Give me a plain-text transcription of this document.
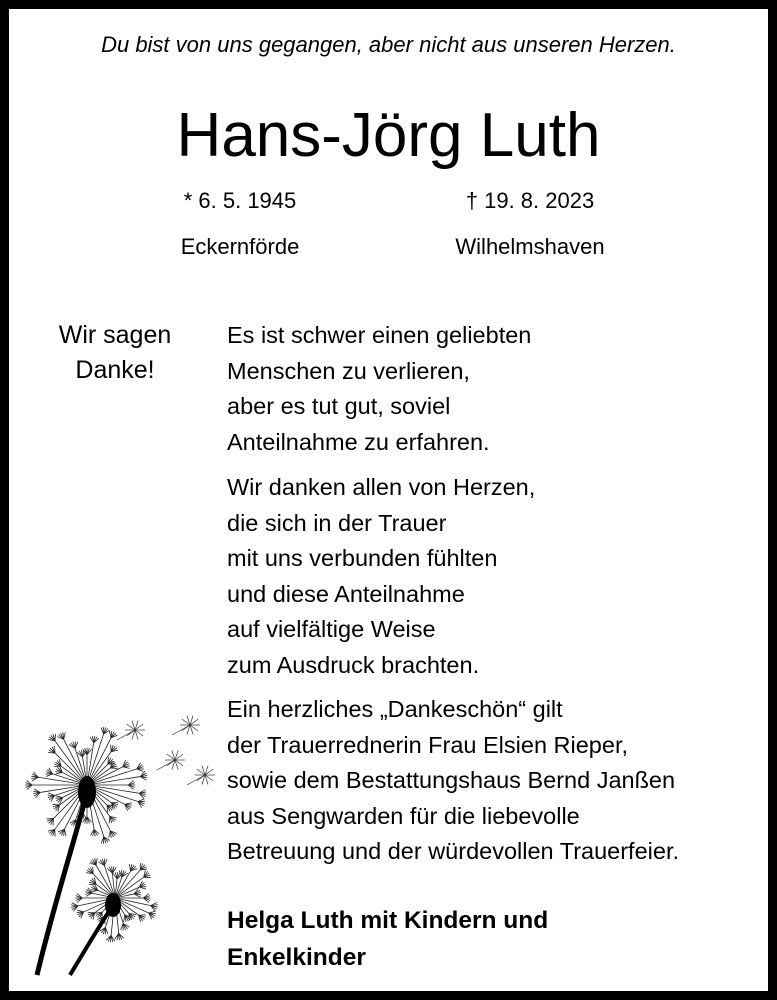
Du bist von uns gegangen, aber nicht aus unseren Herzen.
Hans-Jörg Luth
* 6. 5. 1945	† 19. 8. 2023
Eckernförde	Wilhelmshaven
Wir sagen
Danke!
Es ist schwer einen geliebten
Menschen zu verlieren,
aber es tut gut, soviel
Anteilnahme zu erfahren.
Wir danken allen von Herzen,
die sich in der Trauer
mit uns verbunden fühlten
und diese Anteilnahme
auf vielfältige Weise
zum Ausdruck brachten.
Ein herzliches „Dankeschön“ gilt
der Trauerrednerin Frau Elsien Rieper,
sowie dem Bestattungshaus Bernd Janßen
aus Sengwarden für die liebevolle
Betreuung und der würdevollen Trauerfeier.
Helga Luth mit Kindern und
Enkelkinder
